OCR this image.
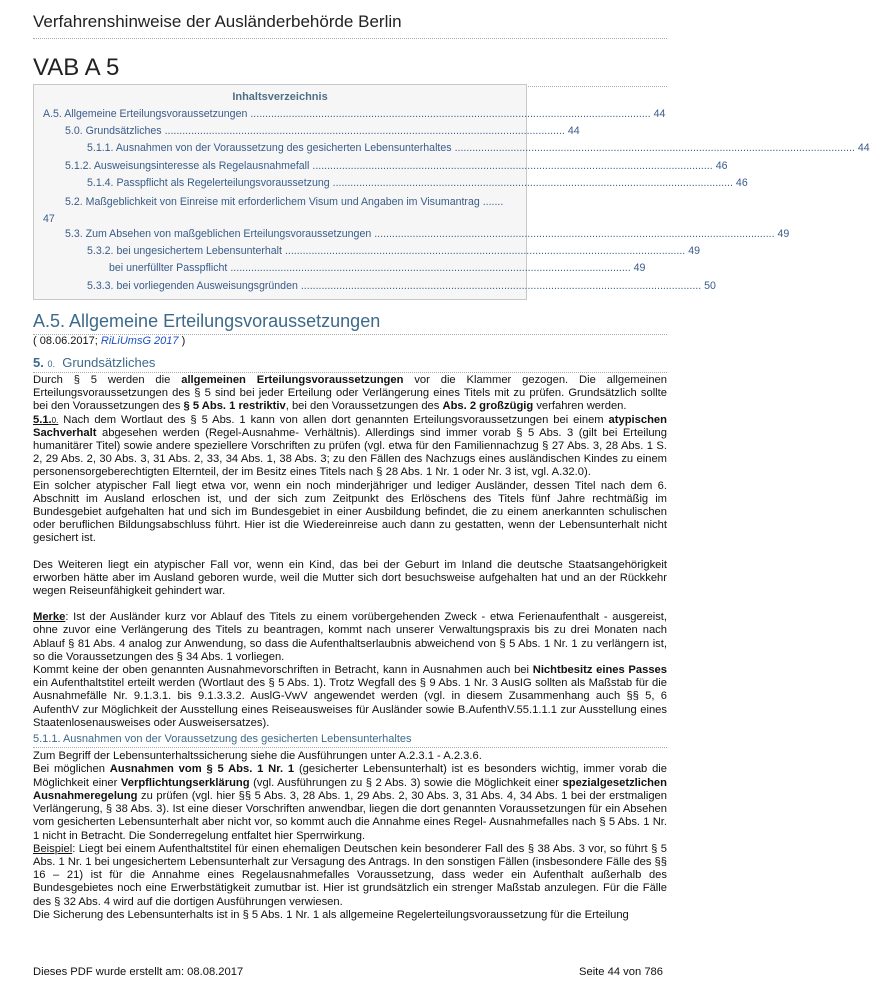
Verfahrenshinweise der Ausländerbehörde Berlin
VAB A 5
Inhaltsverzeichnis
A.5. Allgemeine Erteilungsvoraussetzungen ........................................................................................................................................ 44
5.0. Grundsätzliches ........................................................................................................................................ 44
5.1.1. Ausnahmen von der Voraussetzung des gesicherten Lebensunterhaltes ........................................................................................................................................ 44
5.1.2. Ausweisungsinteresse als Regelausnahmefall ........................................................................................................................................ 46
5.1.4. Passpflicht als Regelerteilungsvoraussetzung ........................................................................................................................................ 46
5.2. Maßgeblichkeit von Einreise mit erforderlichem Visum und Angaben im Visumantrag .......
47
5.3. Zum Absehen von maßgeblichen Erteilungsvoraussetzungen ........................................................................................................................................ 49
5.3.2. bei ungesichertem Lebensunterhalt ........................................................................................................................................ 49
bei unerfüllter Passpflicht ........................................................................................................................................ 49
5.3.3. bei vorliegenden Ausweisungsgründen ........................................................................................................................................ 50
A.5. Allgemeine Erteilungsvoraussetzungen
( 08.06.2017; RiLiUmsG 2017 )
5. 0. Grundsätzliches

Durch § 5 werden die allgemeinen Erteilungsvoraussetzungen vor die Klammer gezogen. Die allgemeinen Erteilungsvoraussetzungen des § 5 sind bei jeder Erteilung oder Verlängerung eines Titels mit zu prüfen. Grundsätzlich sollte bei den Voraussetzungen des § 5 Abs. 1 restriktiv, bei den Voraussetzungen des Abs. 2 großzügig verfahren werden.

5.1.0. Nach dem Wortlaut des § 5 Abs. 1 kann von allen dort genannten Erteilungsvoraussetzungen bei einem atypischen Sachverhalt abgesehen werden (Regel-Ausnahme- Verhältnis). Allerdings sind immer vorab § 5 Abs. 3 (gilt bei Erteilung humanitärer Titel) sowie andere speziellere Vorschriften zu prüfen (vgl. etwa für den Familiennachzug § 27 Abs. 3, 28 Abs. 1 S. 2, 29 Abs. 2, 30 Abs. 3, 31 Abs. 2, 33, 34 Abs. 1, 38 Abs. 3; zu den Fällen des Nachzugs eines ausländischen Kindes zu einem personensorgeberechtigten Elternteil, der im Besitz eines Titels nach § 28 Abs. 1 Nr. 1 oder Nr. 3 ist, vgl. A.32.0).

Ein solcher atypischer Fall liegt etwa vor, wenn ein noch minderjähriger und lediger Ausländer, dessen Titel nach dem 6. Abschnitt im Ausland erloschen ist, und der sich zum Zeitpunkt des Erlöschens des Titels fünf Jahre rechtmäßig im Bundesgebiet aufgehalten hat und sich im Bundesgebiet in einer Ausbildung befindet, die zu einem anerkannten schulischen oder beruflichen Bildungsabschluss führt. Hier ist die Wiedereinreise auch dann zu gestatten, wenn der Lebensunterhalt nicht gesichert ist.

Des Weiteren liegt ein atypischer Fall vor, wenn ein Kind, das bei der Geburt im Inland die deutsche Staatsangehörigkeit erworben hätte aber im Ausland geboren wurde, weil die Mutter sich dort besuchsweise aufgehalten hat und an der Rückkehr wegen Reiseunfähigkeit gehindert war.

Merke: Ist der Ausländer kurz vor Ablauf des Titels zu einem vorübergehenden Zweck - etwa Ferienaufenthalt - ausgereist, ohne zuvor eine Verlängerung des Titels zu beantragen, kommt nach unserer Verwaltungspraxis bis zu drei Monaten nach Ablauf § 81 Abs. 4 analog zur Anwendung, so dass die Aufenthaltserlaubnis abweichend von § 5 Abs. 1 Nr. 1 zu verlängern ist, so die Voraussetzungen des § 34 Abs. 1 vorliegen.

Kommt keine der oben genannten Ausnahmevorschriften in Betracht, kann in Ausnahmen auch bei Nichtbesitz eines Passes ein Aufenthaltstitel erteilt werden (Wortlaut des § 5 Abs. 1). Trotz Wegfall des § 9 Abs. 1 Nr. 3 AusIG sollten als Maßstab für die Ausnahmefälle Nr. 9.1.3.1. bis 9.1.3.3.2. AuslG-VwV angewendet werden (vgl. in diesem Zusammenhang auch §§ 5, 6 AufenthV zur Möglichkeit der Ausstellung eines Reiseausweises für Ausländer sowie B.AufenthV.55.1.1.1 zur Ausstellung eines Staatenlosenausweises oder Ausweisersatzes).

5.1.1. Ausnahmen von der Voraussetzung des gesicherten Lebensunterhaltes

Zum Begriff der Lebensunterhaltssicherung siehe die Ausführungen unter A.2.3.1 - A.2.3.6.

Bei möglichen Ausnahmen vom § 5 Abs. 1 Nr. 1 (gesicherter Lebensunterhalt) ist es besonders wichtig, immer vorab die Möglichkeit einer Verpflichtungserklärung (vgl. Ausführungen zu § 2 Abs. 3) sowie die Möglichkeit einer spezialgesetzlichen Ausnahmeregelung zu prüfen (vgl. hier §§ 5 Abs. 3, 28 Abs. 1, 29 Abs. 2, 30 Abs. 3, 31 Abs. 4, 34 Abs. 1 bei der erstmaligen Verlängerung, § 38 Abs. 3). Ist eine dieser Vorschriften anwendbar, liegen die dort genannten Voraussetzungen für ein Absehen vom gesicherten Lebensunterhalt aber nicht vor, so kommt auch die Annahme eines Regel- Ausnahmefalles nach § 5 Abs. 1 Nr. 1 nicht in Betracht. Die Sonderregelung entfaltet hier Sperrwirkung.

Beispiel: Liegt bei einem Aufenthaltstitel für einen ehemaligen Deutschen kein besonderer Fall des § 38 Abs. 3 vor, so führt § 5 Abs. 1 Nr. 1 bei ungesichertem Lebensunterhalt zur Versagung des Antrags. In den sonstigen Fällen (insbesondere Fälle des §§ 16 – 21) ist für die Annahme eines Regelausnahmefalles Voraussetzung, dass weder ein Aufenthalt außerhalb des Bundesgebietes noch eine Erwerbstätigkeit zumutbar ist. Hier ist grundsätzlich ein strenger Maßstab anzulegen. Für die Fälle des § 32 Abs. 4 wird auf die dortigen Ausführungen verwiesen.

Die Sicherung des Lebensunterhalts ist in § 5 Abs. 1 Nr. 1 als allgemeine Regelerteilungsvoraussetzung für die Erteilung

Dieses PDF wurde erstellt am: 08.08.2017	Seite 44 von 786
